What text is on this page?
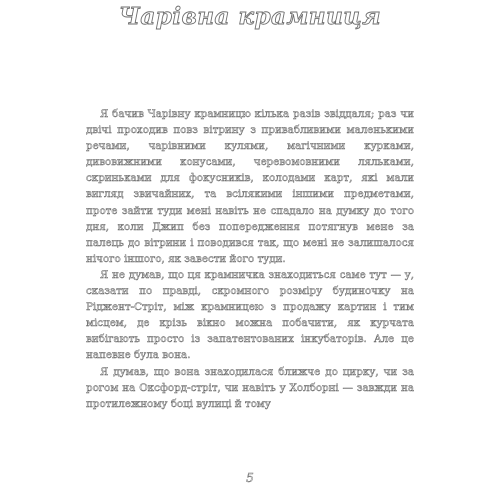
Чарівна крамниця

Я бачив Чарівну крамницю кілька разів звіддаля; раз чи двічі проходив повз вітрину з привабливими маленькими речами, чарівними кулями, магічними курками, дивовижними конусами, черевомовними ляльками, скриньками для фокусників, колодами карт, які мали вигляд звичайних, та всілякими іншими предметами, проте зайти туди мені навіть не спадало на думку до того дня, коли Джип без попередження потягнув мене за палець до вітрини і поводився так, що мені не залишалося нічого іншого, як завести його туди.

Я не думав, що ця крамничка знаходиться саме тут — у, сказати по правді, скромного розміру будиночку на Ріджент-Стріт, між крамницею з продажу картин і тим місцем, де крізь вікно можна побачити, як курчата вибігають просто із запатентованих інкубаторів. Але це напевне була вона.

Я думав, що вона знаходилася ближче до цирку, чи за рогом на Оксфорд-стріт, чи навіть у Холборні — завжди на протилежному боці вулиці й тому

5
